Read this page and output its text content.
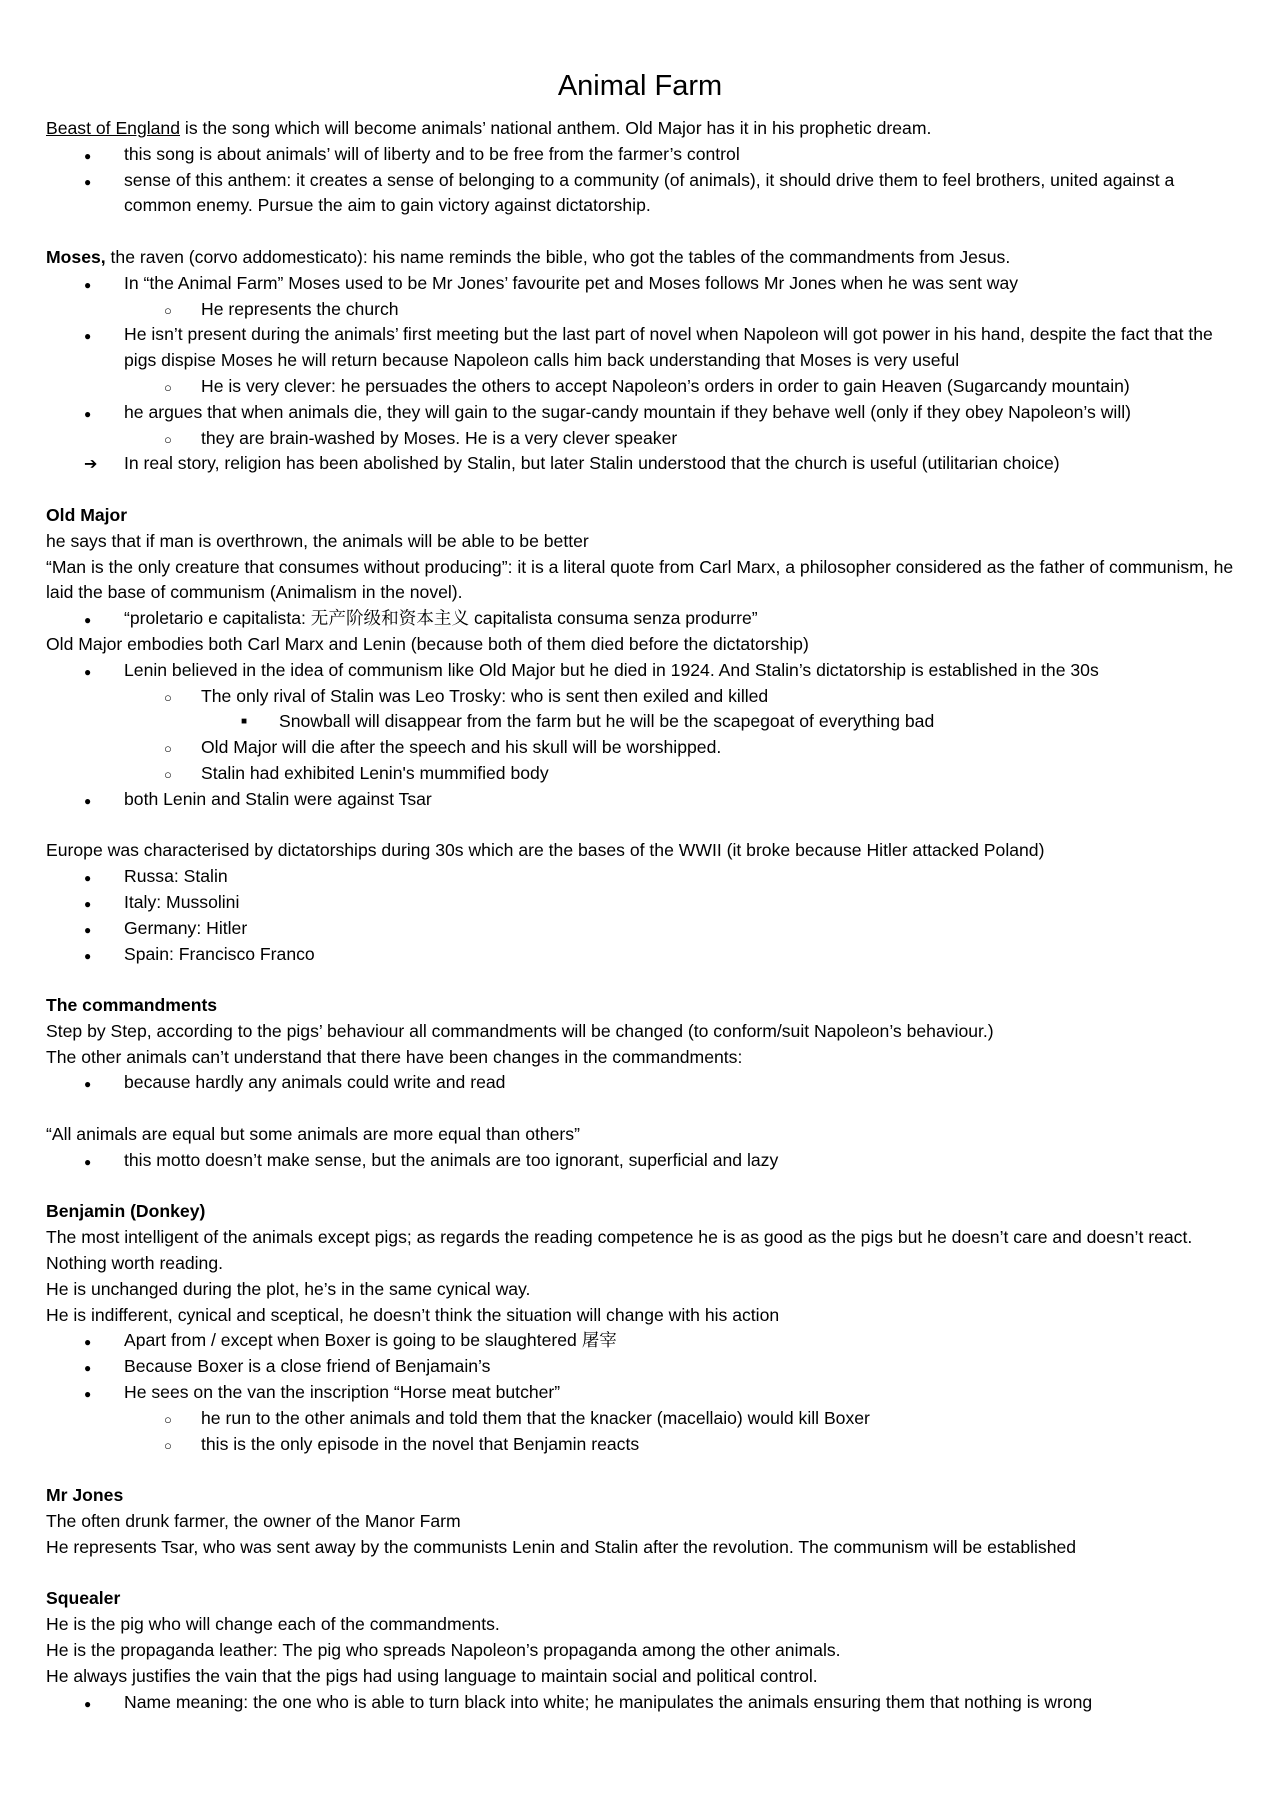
Animal Farm

Beast of England is the song which will become animals’ national anthem. Old Major has it in his prophetic dream.

●
this song is about animals’ will of liberty and to be free from the farmer’s control
●
sense of this anthem: it creates a sense of belonging to a community (of animals), it should drive them to feel brothers, united against a common enemy. Pursue the aim to gain victory against dictatorship.

Moses, the raven (corvo addomesticato): his name reminds the bible, who got the tables of the commandments from Jesus.

●
In “the Animal Farm” Moses used to be Mr Jones’ favourite pet and Moses follows Mr Jones when he was sent way
○
He represents the church
●
He isn’t present during the animals’ first meeting but the last part of novel when Napoleon will got power in his hand, despite the fact that the pigs dispise Moses he will return because Napoleon calls him back understanding that Moses is very useful
○
He is very clever: he persuades the others to accept Napoleon’s orders in order to gain Heaven (Sugarcandy mountain)
●
he argues that when animals die, they will gain to the sugar-candy mountain if they behave well (only if they obey Napoleon’s will)
○
they are brain-washed by Moses. He is a very clever speaker
➔
In real story, religion has been abolished by Stalin, but later Stalin understood that the church is useful (utilitarian choice)

Old Major

he says that if man is overthrown, the animals will be able to be better

“Man is the only creature that consumes without producing”: it is a literal quote from Carl Marx, a philosopher considered as the father of communism, he laid the base of communism (Animalism in the novel).

●
“proletario e capitalista: 无产阶级和资本主义 capitalista consuma senza produrre”

Old Major embodies both Carl Marx and Lenin (because both of them died before the dictatorship)

●
Lenin believed in the idea of communism like Old Major but he died in 1924. And Stalin’s dictatorship is established in the 30s
○
The only rival of Stalin was Leo Trosky: who is sent then exiled and killed
■
Snowball will disappear from the farm but he will be the scapegoat of everything bad
○
Old Major will die after the speech and his skull will be worshipped.
○
Stalin had exhibited Lenin's mummified body
●
both Lenin and Stalin were against Tsar

Europe was characterised by dictatorships during 30s which are the bases of the WWII (it broke because Hitler attacked Poland)

●
Russa: Stalin
●
Italy: Mussolini
●
Germany: Hitler
●
Spain: Francisco Franco

The commandments

Step by Step, according to the pigs’ behaviour all commandments will be changed (to conform/suit Napoleon’s behaviour.)

The other animals can’t understand that there have been changes in the commandments:

●
because hardly any animals could write and read

“All animals are equal but some animals are more equal than others”

●
this motto doesn’t make sense, but the animals are too ignorant, superficial and lazy

Benjamin (Donkey)

The most intelligent of the animals except pigs; as regards the reading competence he is as good as the pigs but he doesn’t care and doesn’t react. Nothing worth reading.

He is unchanged during the plot, he’s in the same cynical way.

He is indifferent, cynical and sceptical, he doesn’t think the situation will change with his action

●
Apart from / except when Boxer is going to be slaughtered 屠宰
●
Because Boxer is a close friend of Benjamain’s
●
He sees on the van the inscription “Horse meat butcher”
○
he run to the other animals and told them that the knacker (macellaio) would kill Boxer
○
this is the only episode in the novel that Benjamin reacts

Mr Jones

The often drunk farmer, the owner of the Manor Farm

He represents Tsar, who was sent away by the communists Lenin and Stalin after the revolution. The communism will be established

Squealer

He is the pig who will change each of the commandments.

He is the propaganda leather: The pig who spreads Napoleon’s propaganda among the other animals.

He always justifies the vain that the pigs had using language to maintain social and political control.

●
Name meaning: the one who is able to turn black into white; he manipulates the animals ensuring them that nothing is wrong
